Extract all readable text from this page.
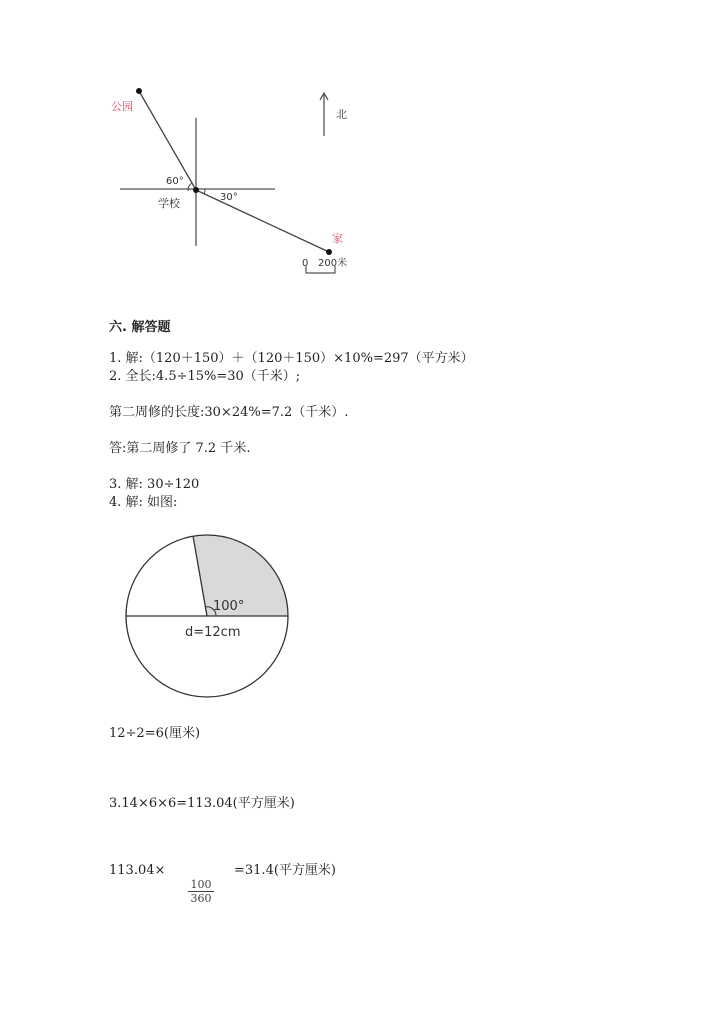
公园
学校
家
北
60°
30°
0 200米
六. 解答题
1. 解:（120＋150）＋（120＋150）×10%=297（平方米）
2. 全长:4.5÷15%=30（千米）;
第二周修的长度:30×24%=7.2（千米）.
答:第二周修了 7.2 千米.
3. 解: 30÷120
4. 解: 如图:
100°
d=12cm
12÷2=6(厘米)
3.14×6×6=113.04(平方厘米)
113.04×
$\frac{100}{360}$
=31.4(平方厘米)
